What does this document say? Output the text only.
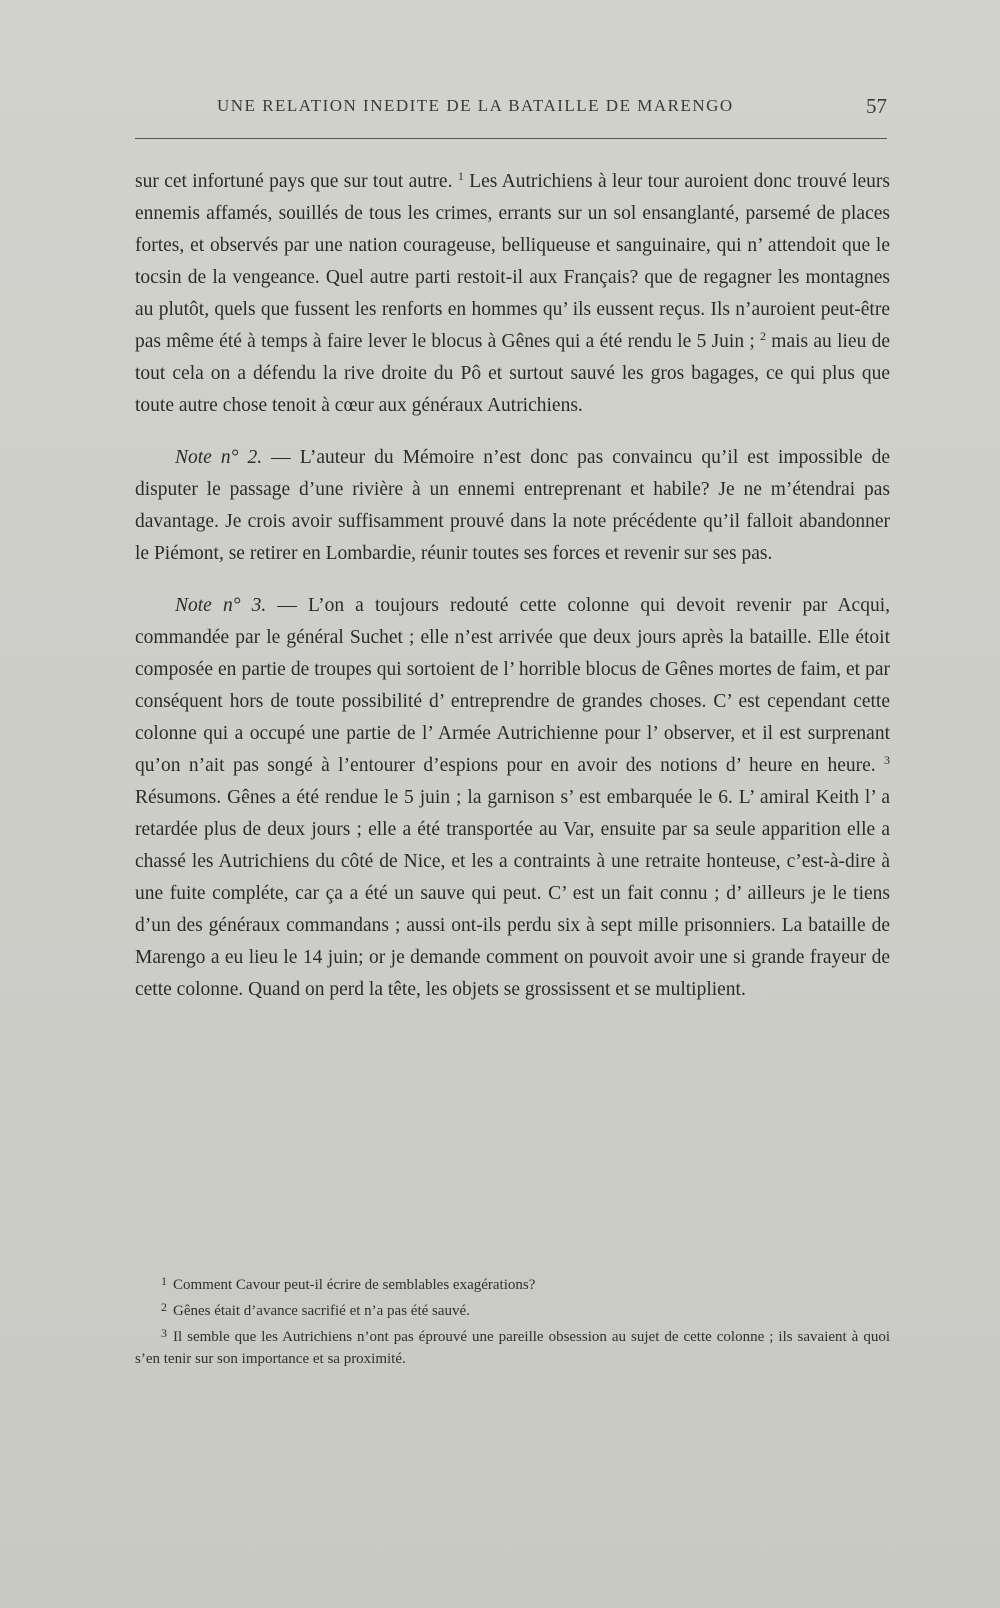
UNE RELATION INEDITE DE LA BATAILLE DE MARENGO	57

sur cet infortuné pays que sur tout autre. $^1$ Les Autrichiens à leur tour auroient donc trouvé leurs ennemis affamés, souillés de tous les crimes, errants sur un sol ensanglanté, parsemé de places fortes, et observés par une nation courageuse, belliqueuse et sanguinaire, qui n’ attendoit que le tocsin de la vengeance. Quel autre parti restoit-il aux Français? que de regagner les montagnes au plutôt, quels que fussent les renforts en hommes qu’ ils eussent reçus. Ils n’auroient peut-être pas même été à temps à faire lever le blocus à Gênes qui a été rendu le 5 Juin ; $^2$ mais au lieu de tout cela on a défendu la rive droite du Pô et surtout sauvé les gros bagages, ce qui plus que toute autre chose tenoit à cœur aux généraux Autrichiens.

Note n° 2. — L’auteur du Mémoire n’est donc pas convaincu qu’il est impossible de disputer le passage d’une rivière à un ennemi entreprenant et habile? Je ne m’étendrai pas davantage. Je crois avoir suffisamment prouvé dans la note précédente qu’il falloit abandonner le Piémont, se retirer en Lombardie, réunir toutes ses forces et revenir sur ses pas.

Note n° 3. — L’on a toujours redouté cette colonne qui devoit revenir par Acqui, commandée par le général Suchet ; elle n’est arrivée que deux jours après la bataille. Elle étoit composée en partie de troupes qui sortoient de l’ horrible blocus de Gênes mortes de faim, et par conséquent hors de toute possibilité d’ entreprendre de grandes choses. C’ est cependant cette colonne qui a occupé une partie de l’ Armée Autrichienne pour l’ observer, et il est surprenant qu’on n’ait pas songé à l’entourer d’espions pour en avoir des notions d’ heure en heure. $^3$ Résumons. Gênes a été rendue le 5 juin ; la garnison s’ est embarquée le 6. L’ amiral Keith l’ a retardée plus de deux jours ; elle a été transportée au Var, ensuite par sa seule apparition elle a chassé les Autrichiens du côté de Nice, et les a contraints à une retraite honteuse, c’est-à-dire à une fuite compléte, car ça a été un sauve qui peut. C’ est un fait connu ; d’ ailleurs je le tiens d’un des généraux commandans ; aussi ont-ils perdu six à sept mille prisonniers. La bataille de Marengo a eu lieu le 14 juin; or je demande comment on pouvoit avoir une si grande frayeur de cette colonne. Quand on perd la tête, les objets se grossissent et se multiplient.

$^1$ Comment Cavour peut-il écrire de semblables exagérations?

$^2$ Gênes était d’avance sacrifié et n’a pas été sauvé.

$^3$ Il semble que les Autrichiens n’ont pas éprouvé une pareille obsession au sujet de cette colonne ; ils savaient à quoi s’en tenir sur son importance et sa proximité.
